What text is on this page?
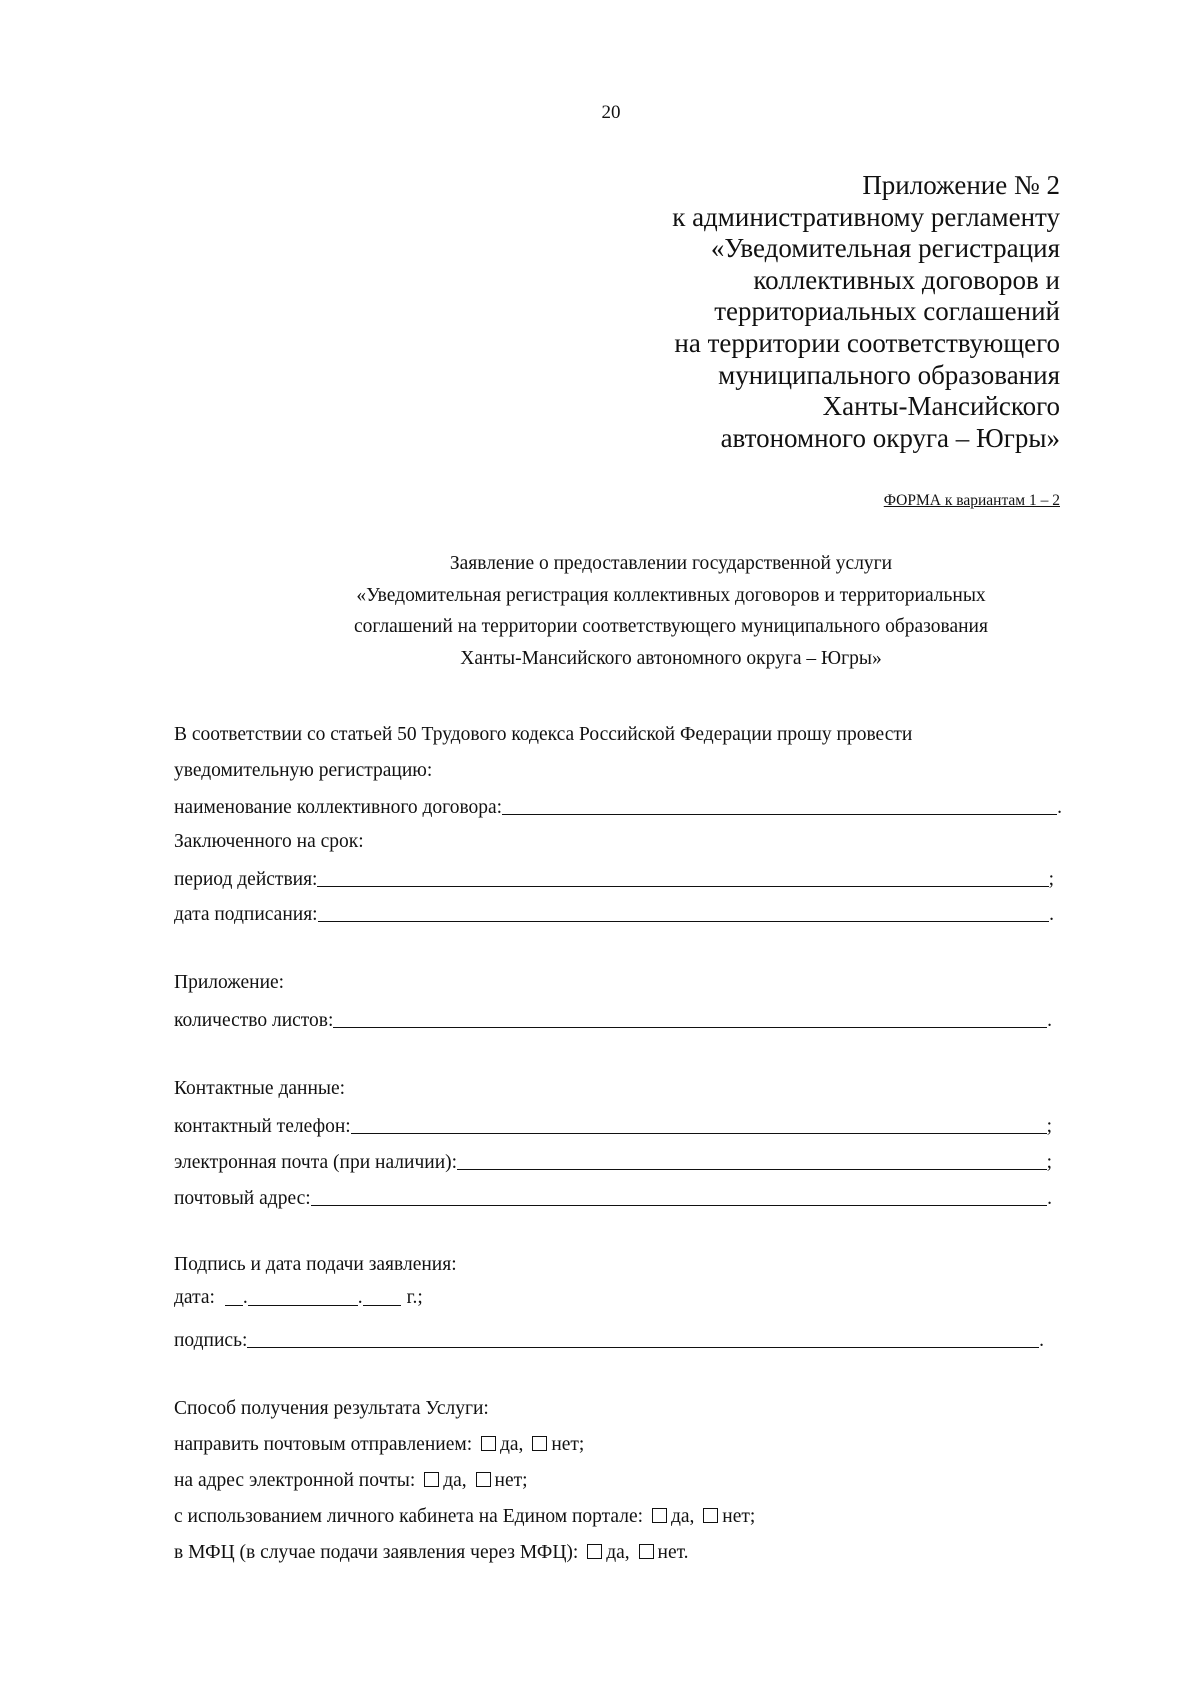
20
Приложение № 2
к административному регламенту
«Уведомительная регистрация
коллективных договоров и
территориальных соглашений
на территории соответствующего
муниципального образования
Ханты-Мансийского
автономного округа – Югры»
ФОРМА к вариантам 1 – 2
Заявление о предоставлении государственной услуги
«Уведомительная регистрация коллективных договоров и территориальных
соглашений на территории соответствующего муниципального образования
Ханты-Мансийского автономного округа – Югры»
В соответствии со статьей 50 Трудового кодекса Российской Федерации прошу провести
уведомительную регистрацию:
наименование коллективного договора:	.
Заключенного на срок:
период действия:	;
дата подписания:	.
Приложение:
количество листов:	.
Контактные данные:
контактный телефон:	;
электронная почта (при наличии):	;
почтовый адрес:	.
Подпись и дата подачи заявления:
дата: .	. г.;
подпись:	.
Способ получения результата Услуги:
направить почтовым отправлением: да, нет;
на адрес электронной почты: да, нет;
с использованием личного кабинета на Едином портале: да, нет;
в МФЦ (в случае подачи заявления через МФЦ): да, нет.
